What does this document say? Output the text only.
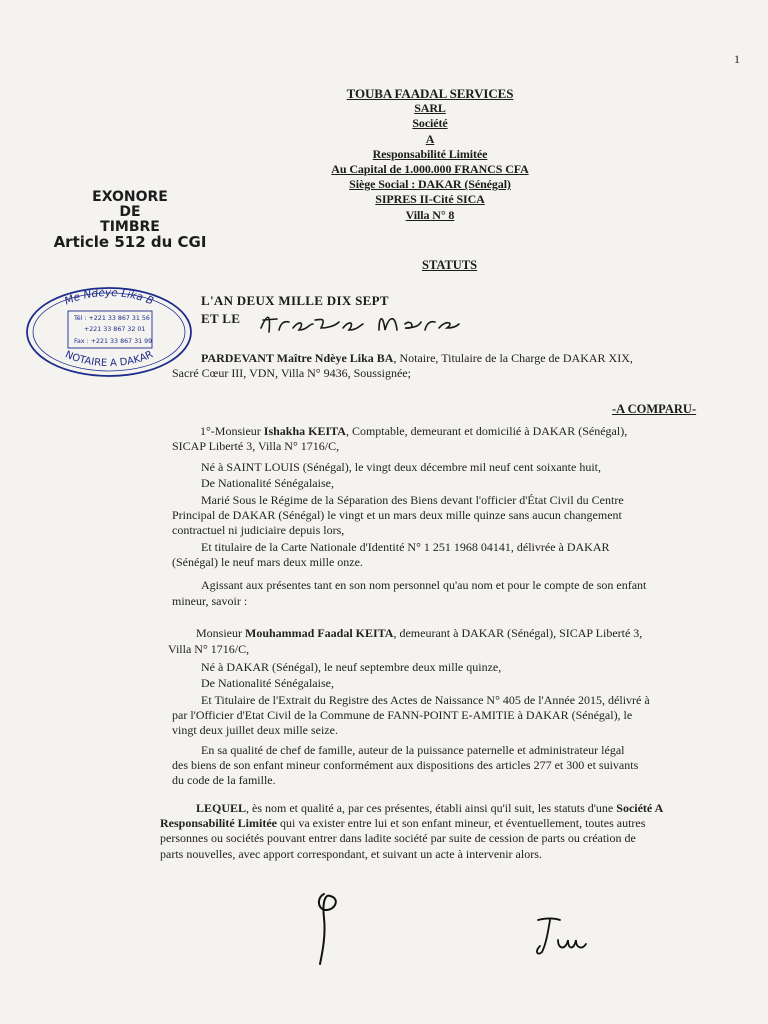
1
TOUBA FAADAL SERVICES
SARL
Société
A
Responsabilité Limitée
Au Capital de 1.000.000 FRANCS CFA
Siège Social : DAKAR (Sénégal)
SIPRES II-Cité SICA
Villa N° 8
EXONORE
DE
TIMBRE
Article 512 du CGI
STATUTS
Me Ndèye Lika B
NOTAIRE A DAKAR
Tél : +221 33 867 31 56
+221 33 867 32 01
Fax : +221 33 867 31 99
L'AN DEUX MILLE DIX SEPT
ET LE
PARDEVANT Maître Ndèye Lika BA, Notaire, Titulaire de la Charge de DAKAR XIX,
Sacré Cœur III, VDN, Villa N° 9436, Soussignée;
-A COMPARU-
1°-Monsieur Ishakha KEITA, Comptable, demeurant et domicilié à DAKAR (Sénégal),
SICAP Liberté 3, Villa N° 1716/C,
Né à SAINT LOUIS (Sénégal), le vingt deux décembre mil neuf cent soixante huit,
De Nationalité Sénégalaise,
Marié Sous le Régime de la Séparation des Biens devant l'officier d'État Civil du Centre
Principal de DAKAR (Sénégal) le vingt et un mars deux mille quinze sans aucun changement
contractuel ni judiciaire depuis lors,
Et titulaire de la Carte Nationale d'Identité N° 1 251 1968 04141, délivrée à DAKAR
(Sénégal) le neuf mars deux mille onze.
Agissant aux présentes tant en son nom personnel qu'au nom et pour le compte de son enfant
mineur, savoir :
Monsieur Mouhammad Faadal KEITA, demeurant à DAKAR (Sénégal), SICAP Liberté 3,
Villa N° 1716/C,
Né à DAKAR (Sénégal), le neuf septembre deux mille quinze,
De Nationalité Sénégalaise,
Et Titulaire de l'Extrait du Registre des Actes de Naissance N° 405 de l'Année 2015, délivré à
par l'Officier d'Etat Civil de la Commune de FANN-POINT E-AMITIE à DAKAR (Sénégal), le
vingt deux juillet deux mille seize.
En sa qualité de chef de famille, auteur de la puissance paternelle et administrateur légal
des biens de son enfant mineur conformément aux dispositions des articles 277 et 300 et suivants
du code de la famille.
LEQUEL, ès nom et qualité a, par ces présentes, établi ainsi qu'il suit, les statuts d'une Société A
Responsabilité Limitée qui va exister entre lui et son enfant mineur, et éventuellement, toutes autres
personnes ou sociétés pouvant entrer dans ladite société par suite de cession de parts ou création de
parts nouvelles, avec apport correspondant, et suivant un acte à intervenir alors.
